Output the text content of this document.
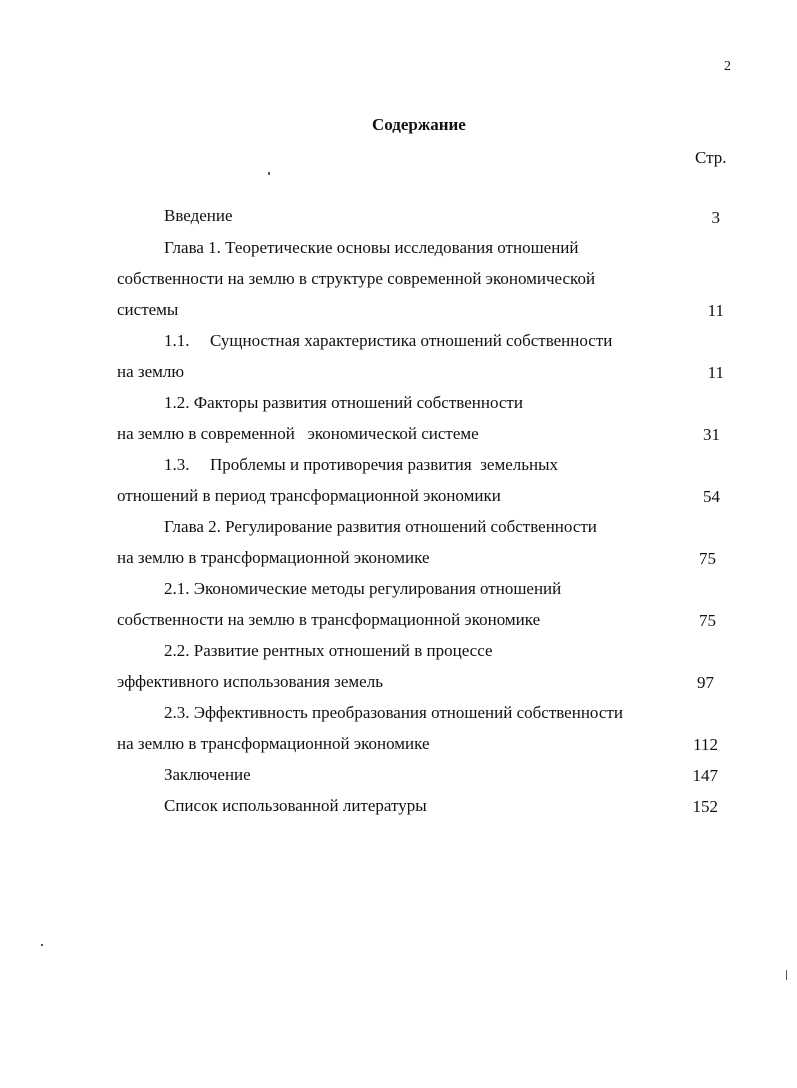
2
Содержание
Стр.
Введение	3
Глава 1. Теоретические основы исследования отношений
собственности на землю в структуре современной экономической
системы	11
1.1. Сущностная характеристика отношений собственности
на землю	11
1.2. Факторы развития отношений собственности
на землю в современной   экономической системе	31
1.3. Проблемы и противоречия развития  земельных
отношений в период трансформационной экономики	54
Глава 2. Регулирование развития отношений собственности
на землю в трансформационной экономике	75
2.1. Экономические методы регулирования отношений
собственности на землю в трансформационной экономике	75
2.2. Развитие рентных отношений в процессе
эффективного использования земель	97
2.3. Эффективность преобразования отношений собственности
на землю в трансформационной экономике	112
Заключение	147
Список использованной литературы	152
